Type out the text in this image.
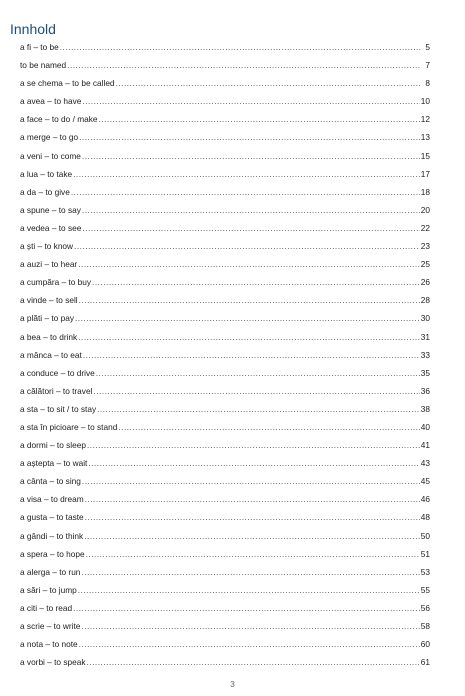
Innhold
a fi – to be .....	5
to be named .....	7
a se chema – to be called .....	8
a avea – to have .....	10
a face – to do / make .....	12
a merge – to go .....	13
a veni – to come .....	15
a lua – to take .....	17
a da – to give .....	18
a spune – to say .....	20
a vedea – to see .....	22
a ști – to know .....	23
a auzi – to hear .....	25
a cumpăra – to buy .....	26
a vinde – to sell .....	28
a plăti – to pay .....	30
a bea – to drink .....	31
a mânca – to eat .....	33
a conduce – to drive .....	35
a călători – to travel .....	36
a sta – to sit / to stay .....	38
a sta în picioare – to stand .....	40
a dormi – to sleep .....	41
a aștepta – to wait .....	43
a cânta – to sing .....	45
a visa – to dream .....	46
a gusta – to taste .....	48
a gândi – to think .....	50
a spera – to hope .....	51
a alerga – to run .....	53
a sări – to jump .....	55
a citi – to read .....	56
a scrie – to write .....	58
a nota – to note .....	60
a vorbi – to speak .....	61
3
